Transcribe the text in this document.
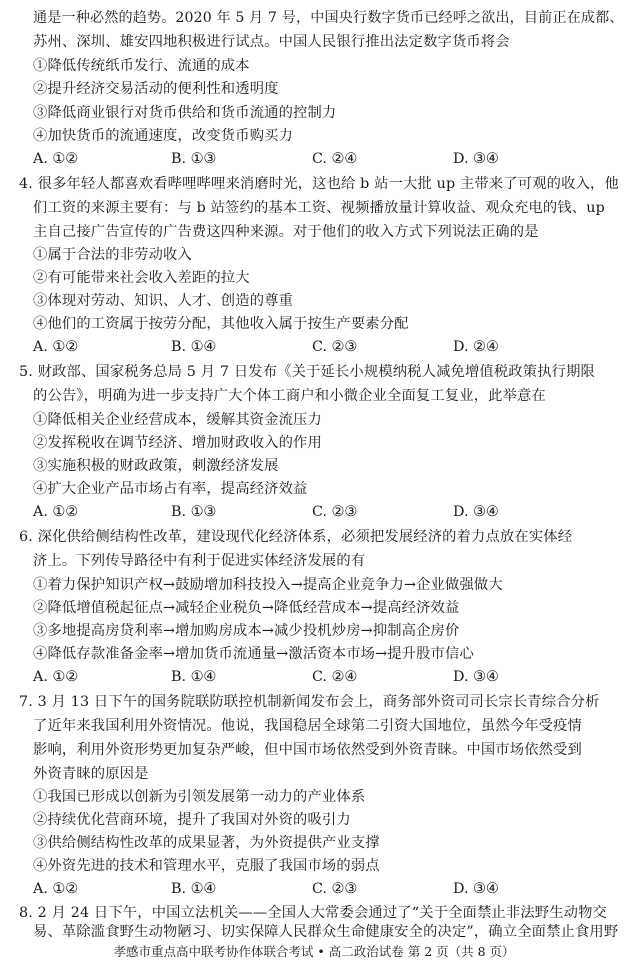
通是一种必然的趋势。2020 年 5 月 7 号，中国央行数字货币已经呼之欲出，目前正在成都、
苏州、深圳、雄安四地积极进行试点。中国人民银行推出法定数字货币将会
①降低传统纸币发行、流通的成本
②提升经济交易活动的便利性和透明度
③降低商业银行对货币供给和货币流通的控制力
④加快货币的流通速度，改变货币购买力
A. ①②	B. ①③	C. ②④	D. ③④
4. 很多年轻人都喜欢看哔哩哔哩来消磨时光，这也给 b 站一大批 up 主带来了可观的收入，他
们工资的来源主要有：与 b 站签约的基本工资、视频播放量计算收益、观众充电的钱、up
主自己接广告宣传的广告费这四种来源。对于他们的收入方式下列说法正确的是
①属于合法的非劳动收入
②有可能带来社会收入差距的拉大
③体现对劳动、知识、人才、创造的尊重
④他们的工资属于按劳分配，其他收入属于按生产要素分配
A. ①②	B. ①④	C. ②③	D. ②④
5. 财政部、国家税务总局 5 月 7 日发布《关于延长小规模纳税人减免增值税政策执行期限
的公告》，明确为进一步支持广大个体工商户和小微企业全面复工复业，此举意在
①降低相关企业经营成本，缓解其资金流压力
②发挥税收在调节经济、增加财政收入的作用
③实施积极的财政政策，刺激经济发展
④扩大企业产品市场占有率，提高经济效益
A. ①②	B. ①③	C. ②③	D. ③④
6. 深化供给侧结构性改革，建设现代化经济体系，必须把发展经济的着力点放在实体经
济上。下列传导路径中有利于促进实体经济发展的有
①着力保护知识产权→鼓励增加科技投入→提高企业竞争力→企业做强做大
②降低增值税起征点→减轻企业税负→降低经营成本→提高经济效益
③多地提高房贷利率→增加购房成本→减少投机炒房→抑制高企房价
④降低存款准备金率→增加货币流通量→激活资本市场→提升股市信心
A. ①②	B. ①④	C. ②④	D. ③④
7. 3 月 13 日下午的国务院联防联控机制新闻发布会上，商务部外资司司长宗长青综合分析
了近年来我国利用外资情况。他说，我国稳居全球第二引资大国地位，虽然今年受疫情
影响，利用外资形势更加复杂严峻，但中国市场依然受到外资青睐。中国市场依然受到
外资青睐的原因是
①我国已形成以创新为引领发展第一动力的产业体系
②持续优化营商环境，提升了我国对外资的吸引力
③供给侧结构性改革的成果显著，为外资提供产业支撑
④外资先进的技术和管理水平，克服了我国市场的弱点
A. ①②	B. ①④	C. ②③	D. ③④
8. 2 月 24 日下午，中国立法机关——全国人大常委会通过了“关于全面禁止非法野生动物交
易、革除滥食野生动物陋习、切实保障人民群众生命健康安全的决定”，确立全面禁止食用野
孝感市重点高中联考协作体联合考试 • 高二政治试卷 第 2 页（共 8 页）
